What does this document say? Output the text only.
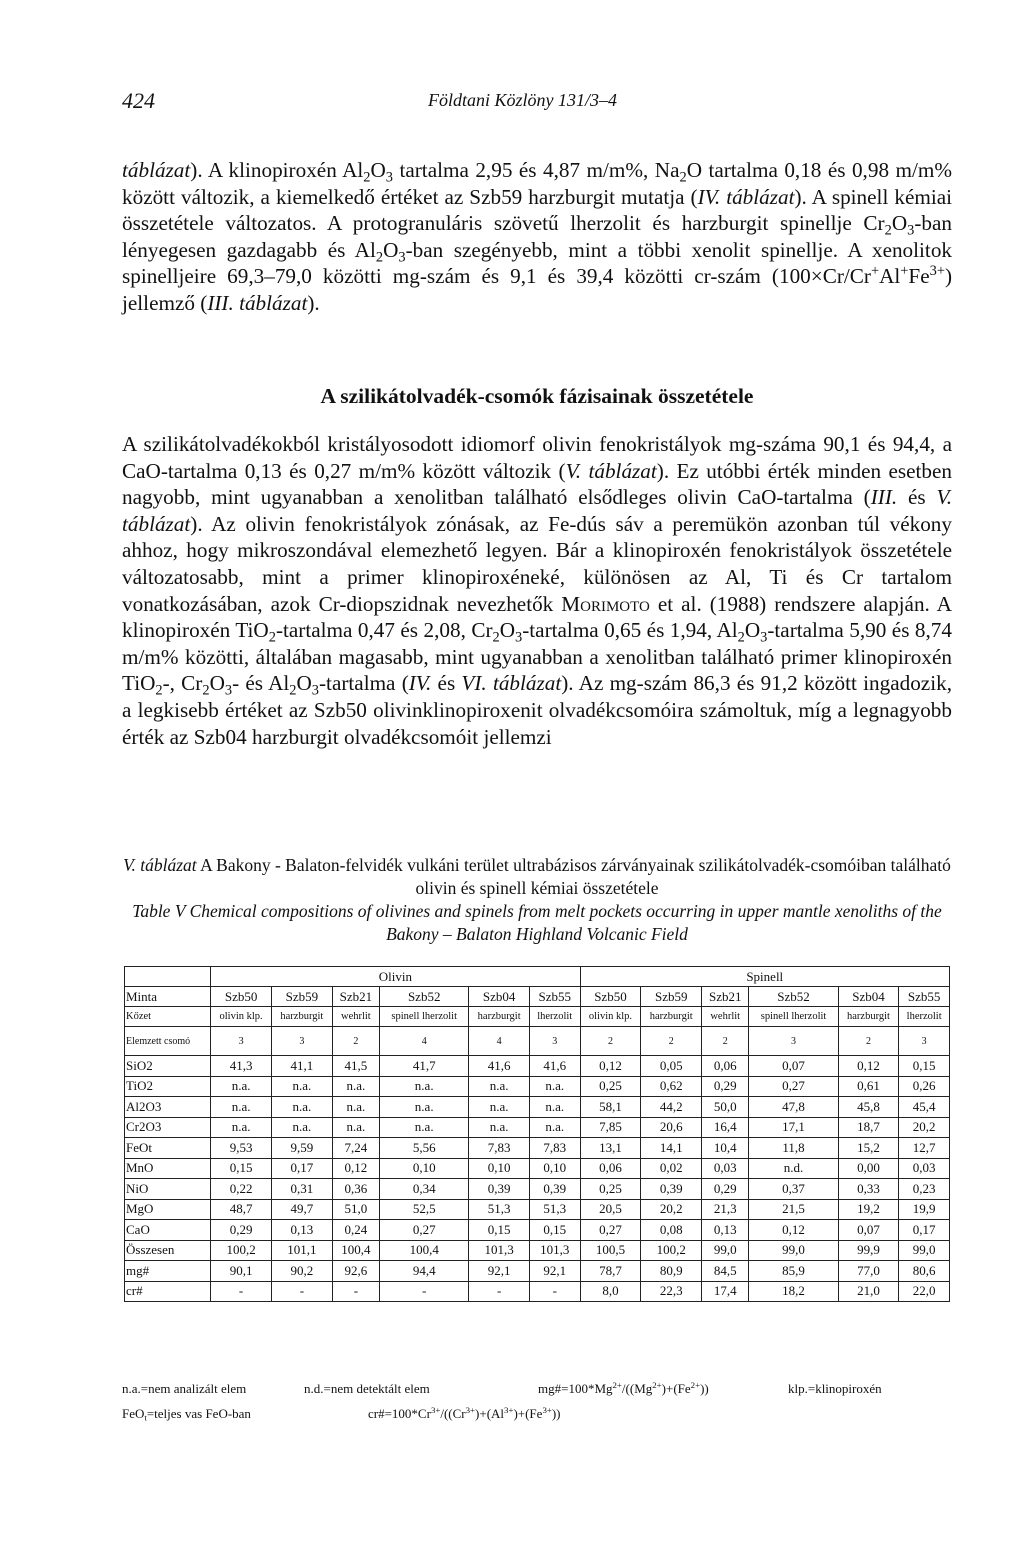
424	Földtani Közlöny 131/3–4

táblázat). A klinopiroxén $Al_2O_3$ tartalma 2,95 és 4,87 m/m%, $Na_2O$ tartalma 0,18 és 0,98 m/m% között változik, a kiemelkedő értéket az Szb59 harzburgit mutatja (IV. táblázat). A spinell kémiai összetétele változatos. A protogranuláris szövetű lherzolit és harzburgit spinellje $Cr_2O_3$-ban lényegesen gazdagabb és $Al_2O_3$-ban szegényebb, mint a többi xenolit spinellje. A xenolitok spinelljeire 69,3–79,0 közötti mg-szám és 9,1 és 39,4 közötti cr-szám $(100\times Cr/Cr^+Al^+Fe^{3+})$ jellemző (III. táblázat).

A szilikátolvadék-csomók fázisainak összetétele

A szilikátolvadékokból kristályosodott idiomorf olivin fenokristályok mg-száma 90,1 és 94,4, a CaO-tartalma 0,13 és 0,27 m/m% között változik (V. táblázat). Ez utóbbi érték minden esetben nagyobb, mint ugyanabban a xenolitban található elsődleges olivin CaO-tartalma (III. és V. táblázat). Az olivin fenokristályok zónásak, az Fe-dús sáv a peremükön azonban túl vékony ahhoz, hogy mikroszondával elemezhető legyen. Bár a klinopiroxén fenokristályok összetétele változatosabb, mint a primer klinopiroxéneké, különösen az Al, Ti és Cr tartalom vonatkozásában, azok Cr-diopszidnak nevezhetők Morimoto et al. (1988) rendszere alapján. A klinopiroxén TiO$_2$-tartalma 0,47 és 2,08, $Cr_2O_3$-tartalma 0,65 és 1,94, $Al_2O_3$-tartalma 5,90 és 8,74 m/m% közötti, általában magasabb, mint ugyanabban a xenolitban található primer klinopiroxén TiO$_2$-, $Cr_2O_3-$ és $Al_2O_3$-tartalma (IV. és VI. táblázat). Az mg-szám 86,3 és 91,2 között ingadozik, a legkisebb értéket az Szb50 olivinklinopiroxenit olvadékcsomóira számoltuk, míg a legnagyobb érték az Szb04 harzburgit olvadékcsomóit jellemzi

V. táblázat A Bakony - Balaton-felvidék vulkáni terület ultrabázisos zárványainak szilikátolvadék-csomóiban található olivin és spinell kémiai összetétele
Table V Chemical compositions of olivines and spinels from melt pockets occurring in upper mantle xenoliths of the Bakony – Balaton Highland Volcanic Field
	Olivin						Spinell					
Minta	Szb50	Szb59	Szb21	Szb52	Szb04	Szb55	Szb50	Szb59	Szb21	Szb52	Szb04	Szb55
Kőzet	olivin klp.	harzburgit	wehrlit	spinell lherzolit	harzburgit	lherzolit	olivin klp.	harzburgit	wehrlit	spinell lherzolit	harzburgit	lherzolit
Elemzett csomó	3	3	2	4	4	3	2	2	2	3	2	3
SiO2	41,3	41,1	41,5	41,7	41,6	41,6	0,12	0,05	0,06	0,07	0,12	0,15
TiO2	n.a.	n.a.	n.a.	n.a.	n.a.	n.a.	0,25	0,62	0,29	0,27	0,61	0,26
Al2O3	n.a.	n.a.	n.a.	n.a.	n.a.	n.a.	58,1	44,2	50,0	47,8	45,8	45,4
Cr2O3	n.a.	n.a.	n.a.	n.a.	n.a.	n.a.	7,85	20,6	16,4	17,1	18,7	20,2
FeOt	9,53	9,59	7,24	5,56	7,83	7,83	13,1	14,1	10,4	11,8	15,2	12,7
MnO	0,15	0,17	0,12	0,10	0,10	0,10	0,06	0,02	0,03	n.d.	0,00	0,03
NiO	0,22	0,31	0,36	0,34	0,39	0,39	0,25	0,39	0,29	0,37	0,33	0,23
MgO	48,7	49,7	51,0	52,5	51,3	51,3	20,5	20,2	21,3	21,5	19,2	19,9
CaO	0,29	0,13	0,24	0,27	0,15	0,15	0,27	0,08	0,13	0,12	0,07	0,17
Összesen	100,2	101,1	100,4	100,4	101,3	101,3	100,5	100,2	99,0	99,0	99,9	99,0
mg#	90,1	90,2	92,6	94,4	92,1	92,1	78,7	80,9	84,5	85,9	77,0	80,6
cr#	-	-	-	-	-	-	8,0	22,3	17,4	18,2	21,0	22,0
n.a.=nem analizált elem	n.d.=nem detektált elem	$mg\#=100*Mg^{2+}/((Mg^{2+})+(Fe^{2+}))$	klp.=klinopiroxén
FeO$_t$=teljes vas FeO-ban	$cr\#=100*Cr^{3+}/((Cr^{3+})+(Al^{3+})+(Fe^{3+}))$
